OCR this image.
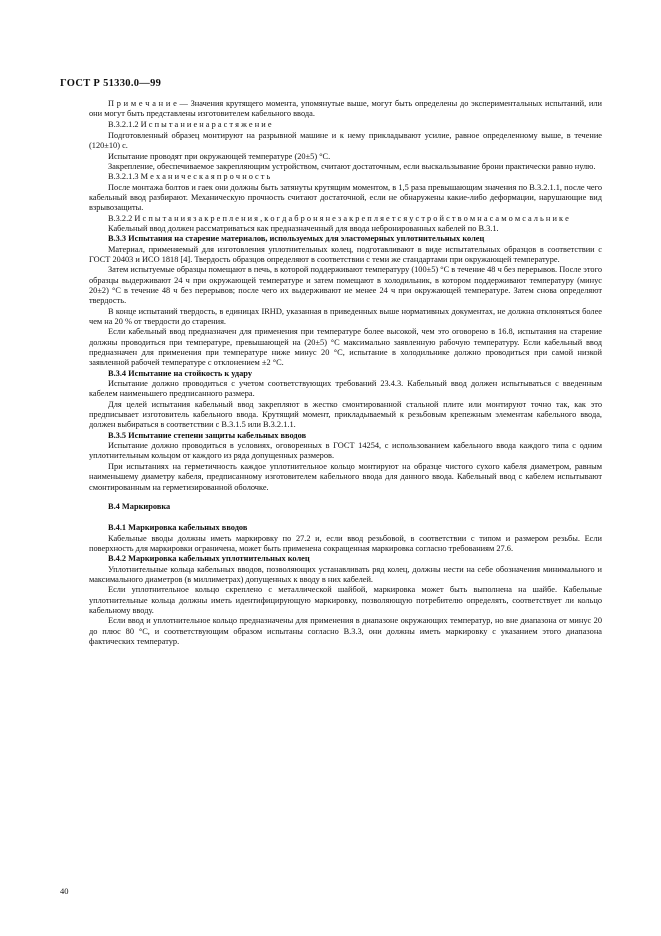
ГОСТ Р 51330.0—99

П р и м е ч а н и е — Значения крутящего момента, упомянутые выше, могут быть определены до экспериментальных испытаний, или они могут быть представлены изготовителем кабельного ввода.

В.3.2.1.2 И с п ы т а н и е н а р а с т я ж е н и е

Подготовленный образец монтируют на разрывной машине и к нему прикладывают усилие, равное определенному выше, в течение (120±10) с.

Испытание проводят при окружающей температуре (20±5) °С.

Закрепление, обеспечиваемое закрепляющим устройством, считают достаточным, если выскальзывание брони практически равно нулю.

В.3.2.1.3 М е х а н и ч е с к а я п р о ч н о с т ь

После монтажа болтов и гаек они должны быть затянуты крутящим моментом, в 1,5 раза превышающим значения по В.3.2.1.1, после чего кабельный ввод разбирают. Механическую прочность считают достаточной, если не обнаружены какие-либо деформации, нарушающие вид взрывозащиты.

В.3.2.2 И с п ы т а н и я з а к р е п л е н и я , к о г д а б р о н я н е з а к р е п л я е т с я у с т р о й с т в о м н а с а м о м с а л ь н и к е

Кабельный ввод должен рассматриваться как предназначенный для ввода небронированных кабелей по В.3.1.

В.3.3 Испытания на старение материалов, используемых для эластомерных уплотнительных колец

Материал, применяемый для изготовления уплотнительных колец, подготавливают в виде испытательных образцов в соответствии с ГОСТ 20403 и ИСО 1818 [4]. Твердость образцов определяют в соответствии с теми же стандартами при окружающей температуре.

Затем испытуемые образцы помещают в печь, в которой поддерживают температуру (100±5) °С в течение 48 ч без перерывов. После этого образцы выдерживают 24 ч при окружающей температуре и затем помещают в холодильник, в котором поддерживают температуру (минус 20±2) °С в течение 48 ч без перерывов; после чего их выдерживают не менее 24 ч при окружающей температуре. Затем снова определяют твердость.

В конце испытаний твердость, в единицах IRHD, указанная в приведенных выше нормативных документах, не должна отклоняться более чем на 20 % от твердости до старения.

Если кабельный ввод предназначен для применения при температуре более высокой, чем это оговорено в 16.8, испытания на старение должны проводиться при температуре, превышающей на (20±5) °С максимально заявленную рабочую температуру. Если кабельный ввод предназначен для применения при температуре ниже минус 20 °С, испытание в холодильнике должно проводиться при самой низкой заявленной рабочей температуре с отклонением ±2 °С.

В.3.4 Испытание на стойкость к удару

Испытание должно проводиться с учетом соответствующих требований 23.4.3. Кабельный ввод должен испытываться с введенным кабелем наименьшего предписанного размера.

Для целей испытания кабельный ввод закрепляют в жестко смонтированной стальной плите или монтируют точно так, как это предписывает изготовитель кабельного ввода. Крутящий момент, прикладываемый к резьбовым крепежным элементам кабельного ввода, должен выбираться в соответствии с В.3.1.5 или В.3.2.1.1.

В.3.5 Испытание степени защиты кабельных вводов

Испытание должно проводиться в условиях, оговоренных в ГОСТ 14254, с использованием кабельного ввода каждого типа с одним уплотнительным кольцом от каждого из ряда допущенных размеров.

При испытаниях на герметичность каждое уплотнительное кольцо монтируют на образце чистого сухого кабеля диаметром, равным наименьшему диаметру кабеля, предписанному изготовителем кабельного ввода для данного ввода. Кабельный ввод с кабелем испытывают смонтированным на герметизированной оболочке.

В.4 Маркировка

В.4.1 Маркировка кабельных вводов

Кабельные вводы должны иметь маркировку по 27.2 и, если ввод резьбовой, в соответствии с типом и размером резьбы. Если поверхность для маркировки ограничена, может быть применена сокращенная маркировка согласно требованиям 27.6.

В.4.2 Маркировка кабельных уплотнительных колец

Уплотнительные кольца кабельных вводов, позволяющих устанавливать ряд колец, должны нести на себе обозначения минимального и максимального диаметров (в миллиметрах) допущенных к вводу в них кабелей.

Если уплотнительное кольцо скреплено с металлической шайбой, маркировка может быть выполнена на шайбе. Кабельные уплотнительные кольца должны иметь идентифицирующую маркировку, позволяющую потребителю определять, соответствует ли кольцо кабельному вводу.

Если ввод и уплотнительное кольцо предназначены для применения в диапазоне окружающих температур, но вне диапазона от минус 20 до плюс 80 °С, и соответствующим образом испытаны согласно В.3.3, они должны иметь маркировку с указанием этого диапазона фактических температур.

40
